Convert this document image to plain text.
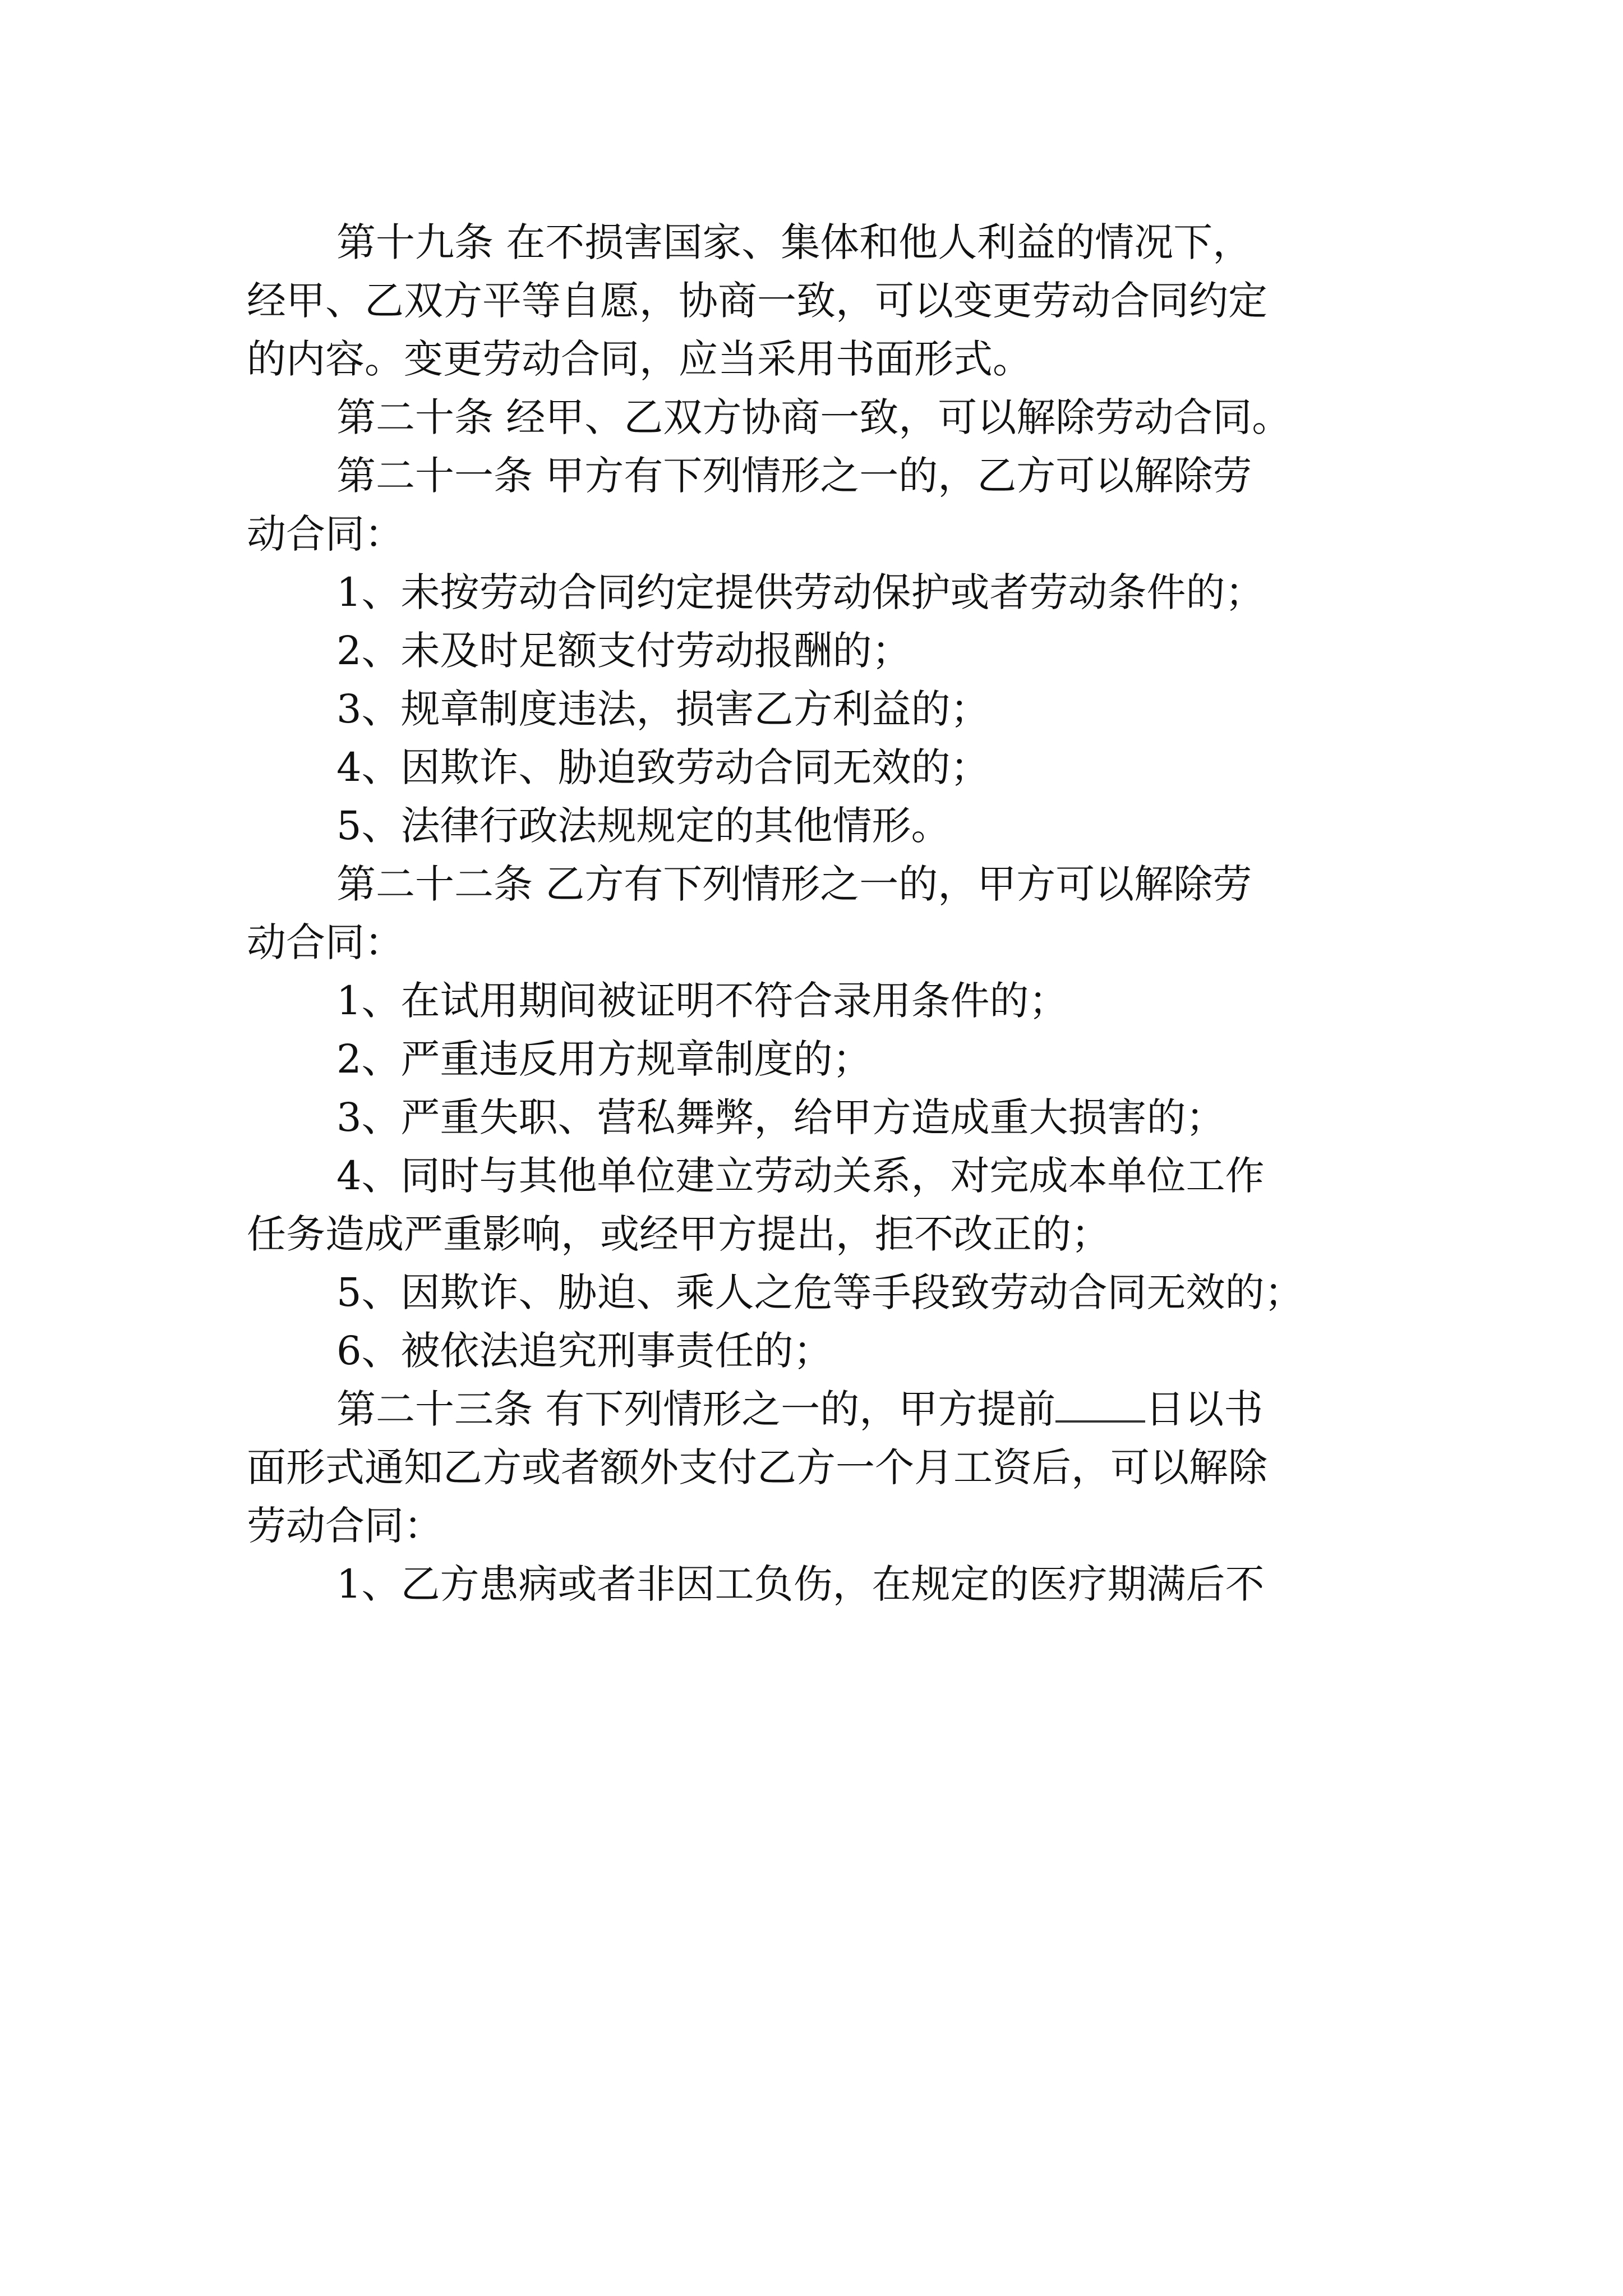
第十九条 在不损害国家、集体和他人利益的情况下，
经甲、乙双方平等自愿，协商一致，可以变更劳动合同约定
的内容。变更劳动合同，应当采用书面形式。
第二十条 经甲、乙双方协商一致，可以解除劳动合同。
第二十一条 甲方有下列情形之一的，乙方可以解除劳
动合同：
1、未按劳动合同约定提供劳动保护或者劳动条件的；
2、未及时足额支付劳动报酬的；
3、规章制度违法，损害乙方利益的；
4、因欺诈、胁迫致劳动合同无效的；
5、法律行政法规规定的其他情形。
第二十二条 乙方有下列情形之一的，甲方可以解除劳
动合同：
1、在试用期间被证明不符合录用条件的；
2、严重违反用方规章制度的；
3、严重失职、营私舞弊，给甲方造成重大损害的；
4、同时与其他单位建立劳动关系，对完成本单位工作
任务造成严重影响，或经甲方提出，拒不改正的；
5、因欺诈、胁迫、乘人之危等手段致劳动合同无效的；
6、被依法追究刑事责任的；
第二十三条 有下列情形之一的，甲方提前 日以书
面形式通知乙方或者额外支付乙方一个月工资后，可以解除
劳动合同：
1、乙方患病或者非因工负伤，在规定的医疗期满后不
